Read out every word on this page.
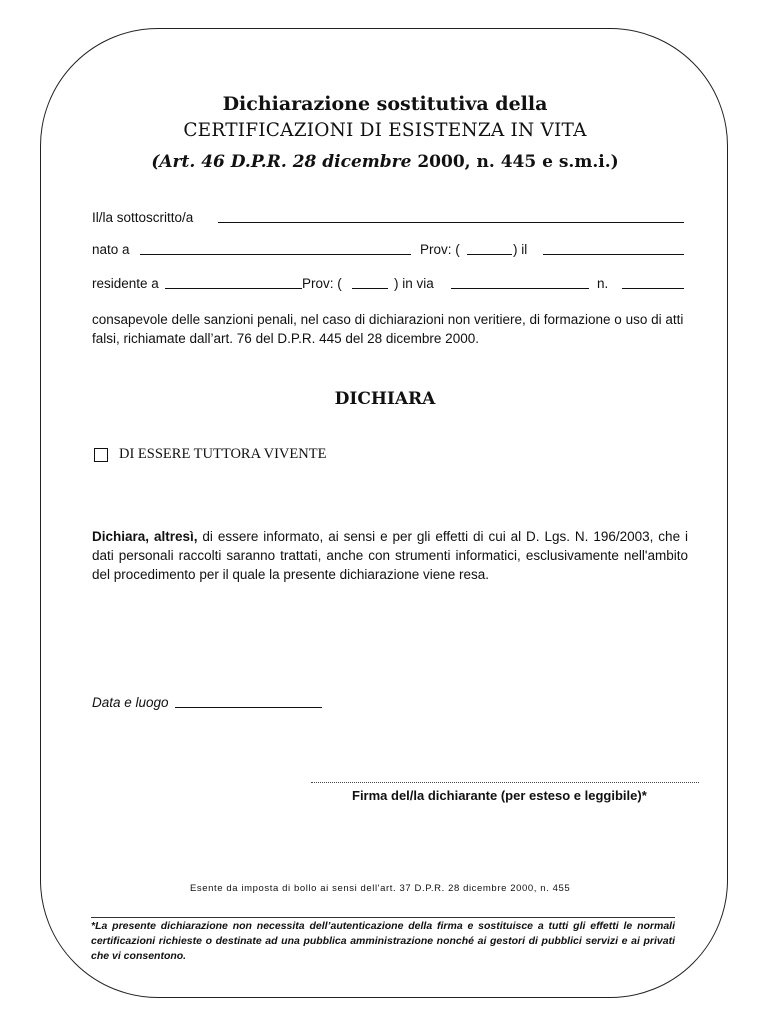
Dichiarazione sostitutiva della
CERTIFICAZIONI DI ESISTENZA IN VITA
(Art. 46 D.P.R. 28 dicembre 2000, n. 445 e s.m.i.)
Il/la sottoscritto/a
nato a	Prov: (	) il
residente a	Prov: (	) in via	n.
consapevole delle sanzioni penali, nel caso di dichiarazioni non veritiere, di formazione o uso di atti falsi, richiamate dall’art. 76 del D.P.R. 445 del 28 dicembre 2000.
DICHIARA
DI ESSERE TUTTORA VIVENTE
Dichiara, altresì, di essere informato, ai sensi e per gli effetti di cui al D. Lgs. N. 196/2003, che i dati personali raccolti saranno trattati, anche con strumenti informatici, esclusivamente nell'ambito del procedimento per il quale la presente dichiarazione viene resa.
Data e luogo
Firma del/la dichiarante (per esteso e leggibile)*
Esente da imposta di bollo ai sensi dell'art. 37 D.P.R. 28 dicembre 2000, n. 455
*La presente dichiarazione non necessita dell’autenticazione della firma e sostituisce a tutti gli effetti le normali certificazioni richieste o destinate ad una pubblica amministrazione nonché ai gestori di pubblici servizi e ai privati che vi consentono.
